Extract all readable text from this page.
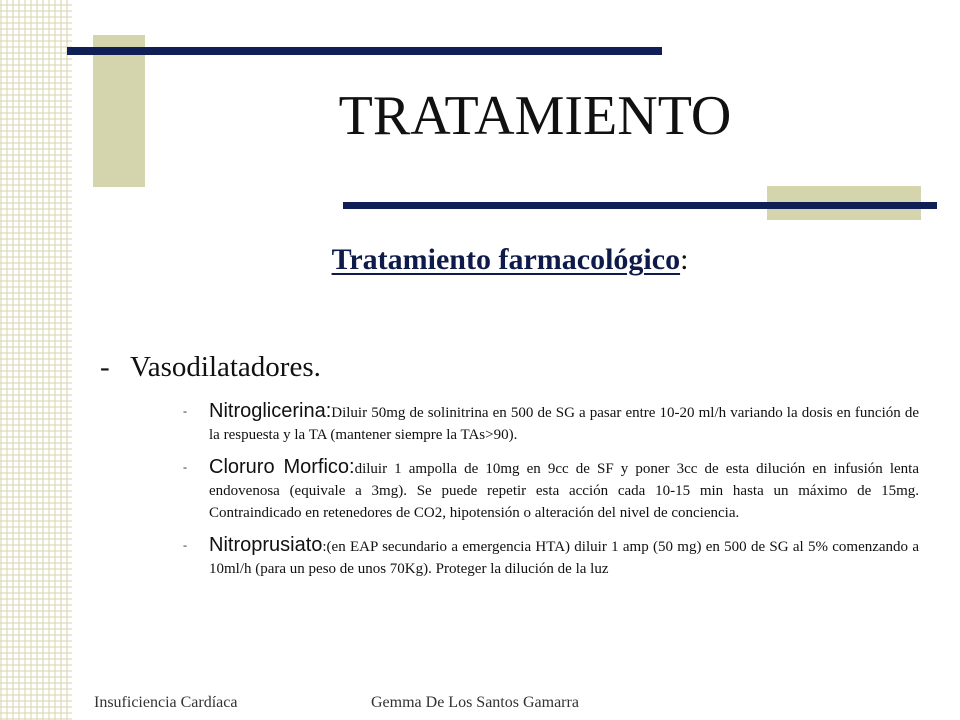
TRATAMIENTO
Tratamiento farmacológico:
- Vasodilatadores.
- Nitroglicerina:Diluir 50mg de solinitrina en 500 de SG a pasar entre 10-20 ml/h variando la dosis en función de la respuesta y la TA (mantener siempre la TAs>90).
- Cloruro Morfico:diluir 1 ampolla de 10mg en 9cc de SF y poner 3cc de esta dilución en infusión lenta endovenosa (equivale a 3mg). Se puede repetir esta acción cada 10-15 min hasta un máximo de 15mg. Contraindicado en retenedores de CO2, hipotensión o alteración del nivel de conciencia.
- Nitroprusiato:(en EAP secundario a emergencia HTA) diluir 1 amp (50 mg) en 500 de SG al 5% comenzando a 10ml/h (para un peso de unos 70Kg). Proteger la dilución de la luz
Insuficiencia Cardíaca	Gemma De Los Santos Gamarra
